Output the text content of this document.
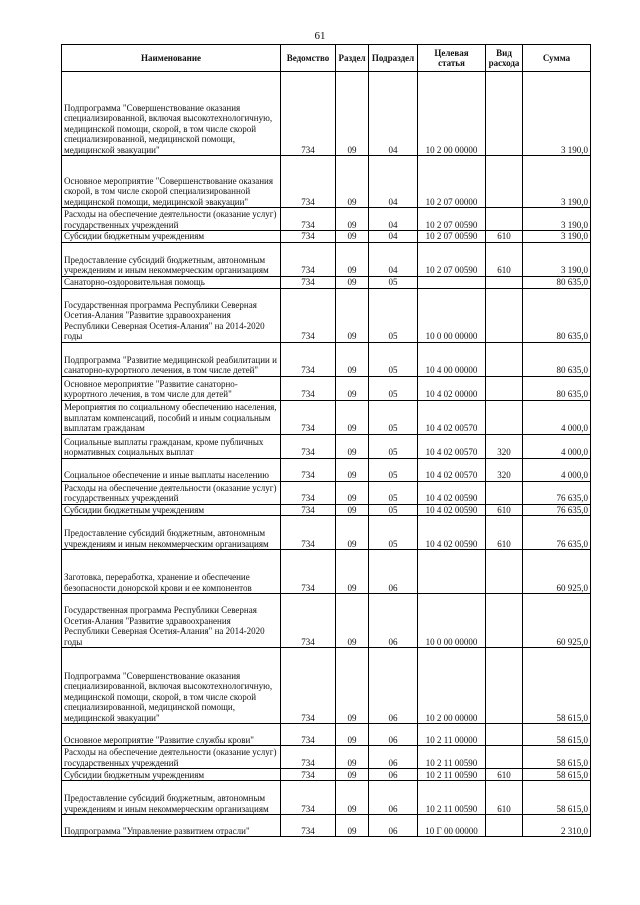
61
Наименование	Ведомство	Раздел	Подраздел	Целевая статья	Вид расхода	Сумма
Подпрограмма "Совершенствование оказания специализированной, включая высокотехнологичную, медицинской помощи, скорой, в том числе скорой специализированной, медицинской помощи, медицинской эвакуации"	734	09	04	10 2 00 00000		3 190,0
Основное мероприятие "Совершенствование оказания скорой, в том числе скорой специализированной медицинской помощи, медицинской эвакуации"	734	09	04	10 2 07 00000		3 190,0
Расходы на обеспечение деятельности (оказание услуг) государственных учреждений	734	09	04	10 2 07 00590		3 190,0
Субсидии бюджетным учреждениям	734	09	04	10 2 07 00590	610	3 190,0
Предоставление субсидий бюджетным, автономным учреждениям и иным некоммерческим организациям	734	09	04	10 2 07 00590	610	3 190,0
Санаторно-оздоровительная помощь	734	09	05			80 635,0
Государственная программа Республики Северная Осетия-Алания "Развитие здравоохранения Республики Северная Осетия-Алания" на 2014-2020 годы	734	09	05	10 0 00 00000		80 635,0
Подпрограмма "Развитие медицинской реабилитации и санаторно-курортного лечения, в том числе детей"	734	09	05	10 4 00 00000		80 635,0
Основное мероприятие "Развитие санаторно-курортного лечения, в том числе для детей"	734	09	05	10 4 02 00000		80 635,0
Мероприятия по социальному обеспечению населения, выплатам компенсаций, пособий и иным социальным выплатам гражданам	734	09	05	10 4 02 00570		4 000,0
Социальные выплаты гражданам, кроме публичных нормативных социальных выплат	734	09	05	10 4 02 00570	320	4 000,0
Социальное обеспечение и иные выплаты населению	734	09	05	10 4 02 00570	320	4 000,0
Расходы на обеспечение деятельности (оказание услуг) государственных учреждений	734	09	05	10 4 02 00590		76 635,0
Субсидии бюджетным учреждениям	734	09	05	10 4 02 00590	610	76 635,0
Предоставление субсидий бюджетным, автономным учреждениям и иным некоммерческим организациям	734	09	05	10 4 02 00590	610	76 635,0
Заготовка, переработка, хранение и обеспечение безопасности донорской крови и ее компонентов	734	09	06			60 925,0
Государственная программа Республики Северная Осетия-Алания "Развитие здравоохранения Республики Северная Осетия-Алания" на 2014-2020 годы	734	09	06	10 0 00 00000		60 925,0
Подпрограмма "Совершенствование оказания специализированной, включая высокотехнологичную, медицинской помощи, скорой, в том числе скорой специализированной, медицинской помощи, медицинской эвакуации"	734	09	06	10 2 00 00000		58 615,0
Основное мероприятие "Развитие службы крови"	734	09	06	10 2 11 00000		58 615,0
Расходы на обеспечение деятельности (оказание услуг) государственных учреждений	734	09	06	10 2 11 00590		58 615,0
Субсидии бюджетным учреждениям	734	09	06	10 2 11 00590	610	58 615,0
Предоставление субсидий бюджетным, автономным учреждениям и иным некоммерческим организациям	734	09	06	10 2 11 00590	610	58 615,0
Подпрограмма "Управление развитием отрасли"	734	09	06	10 Г 00 00000		2 310,0
